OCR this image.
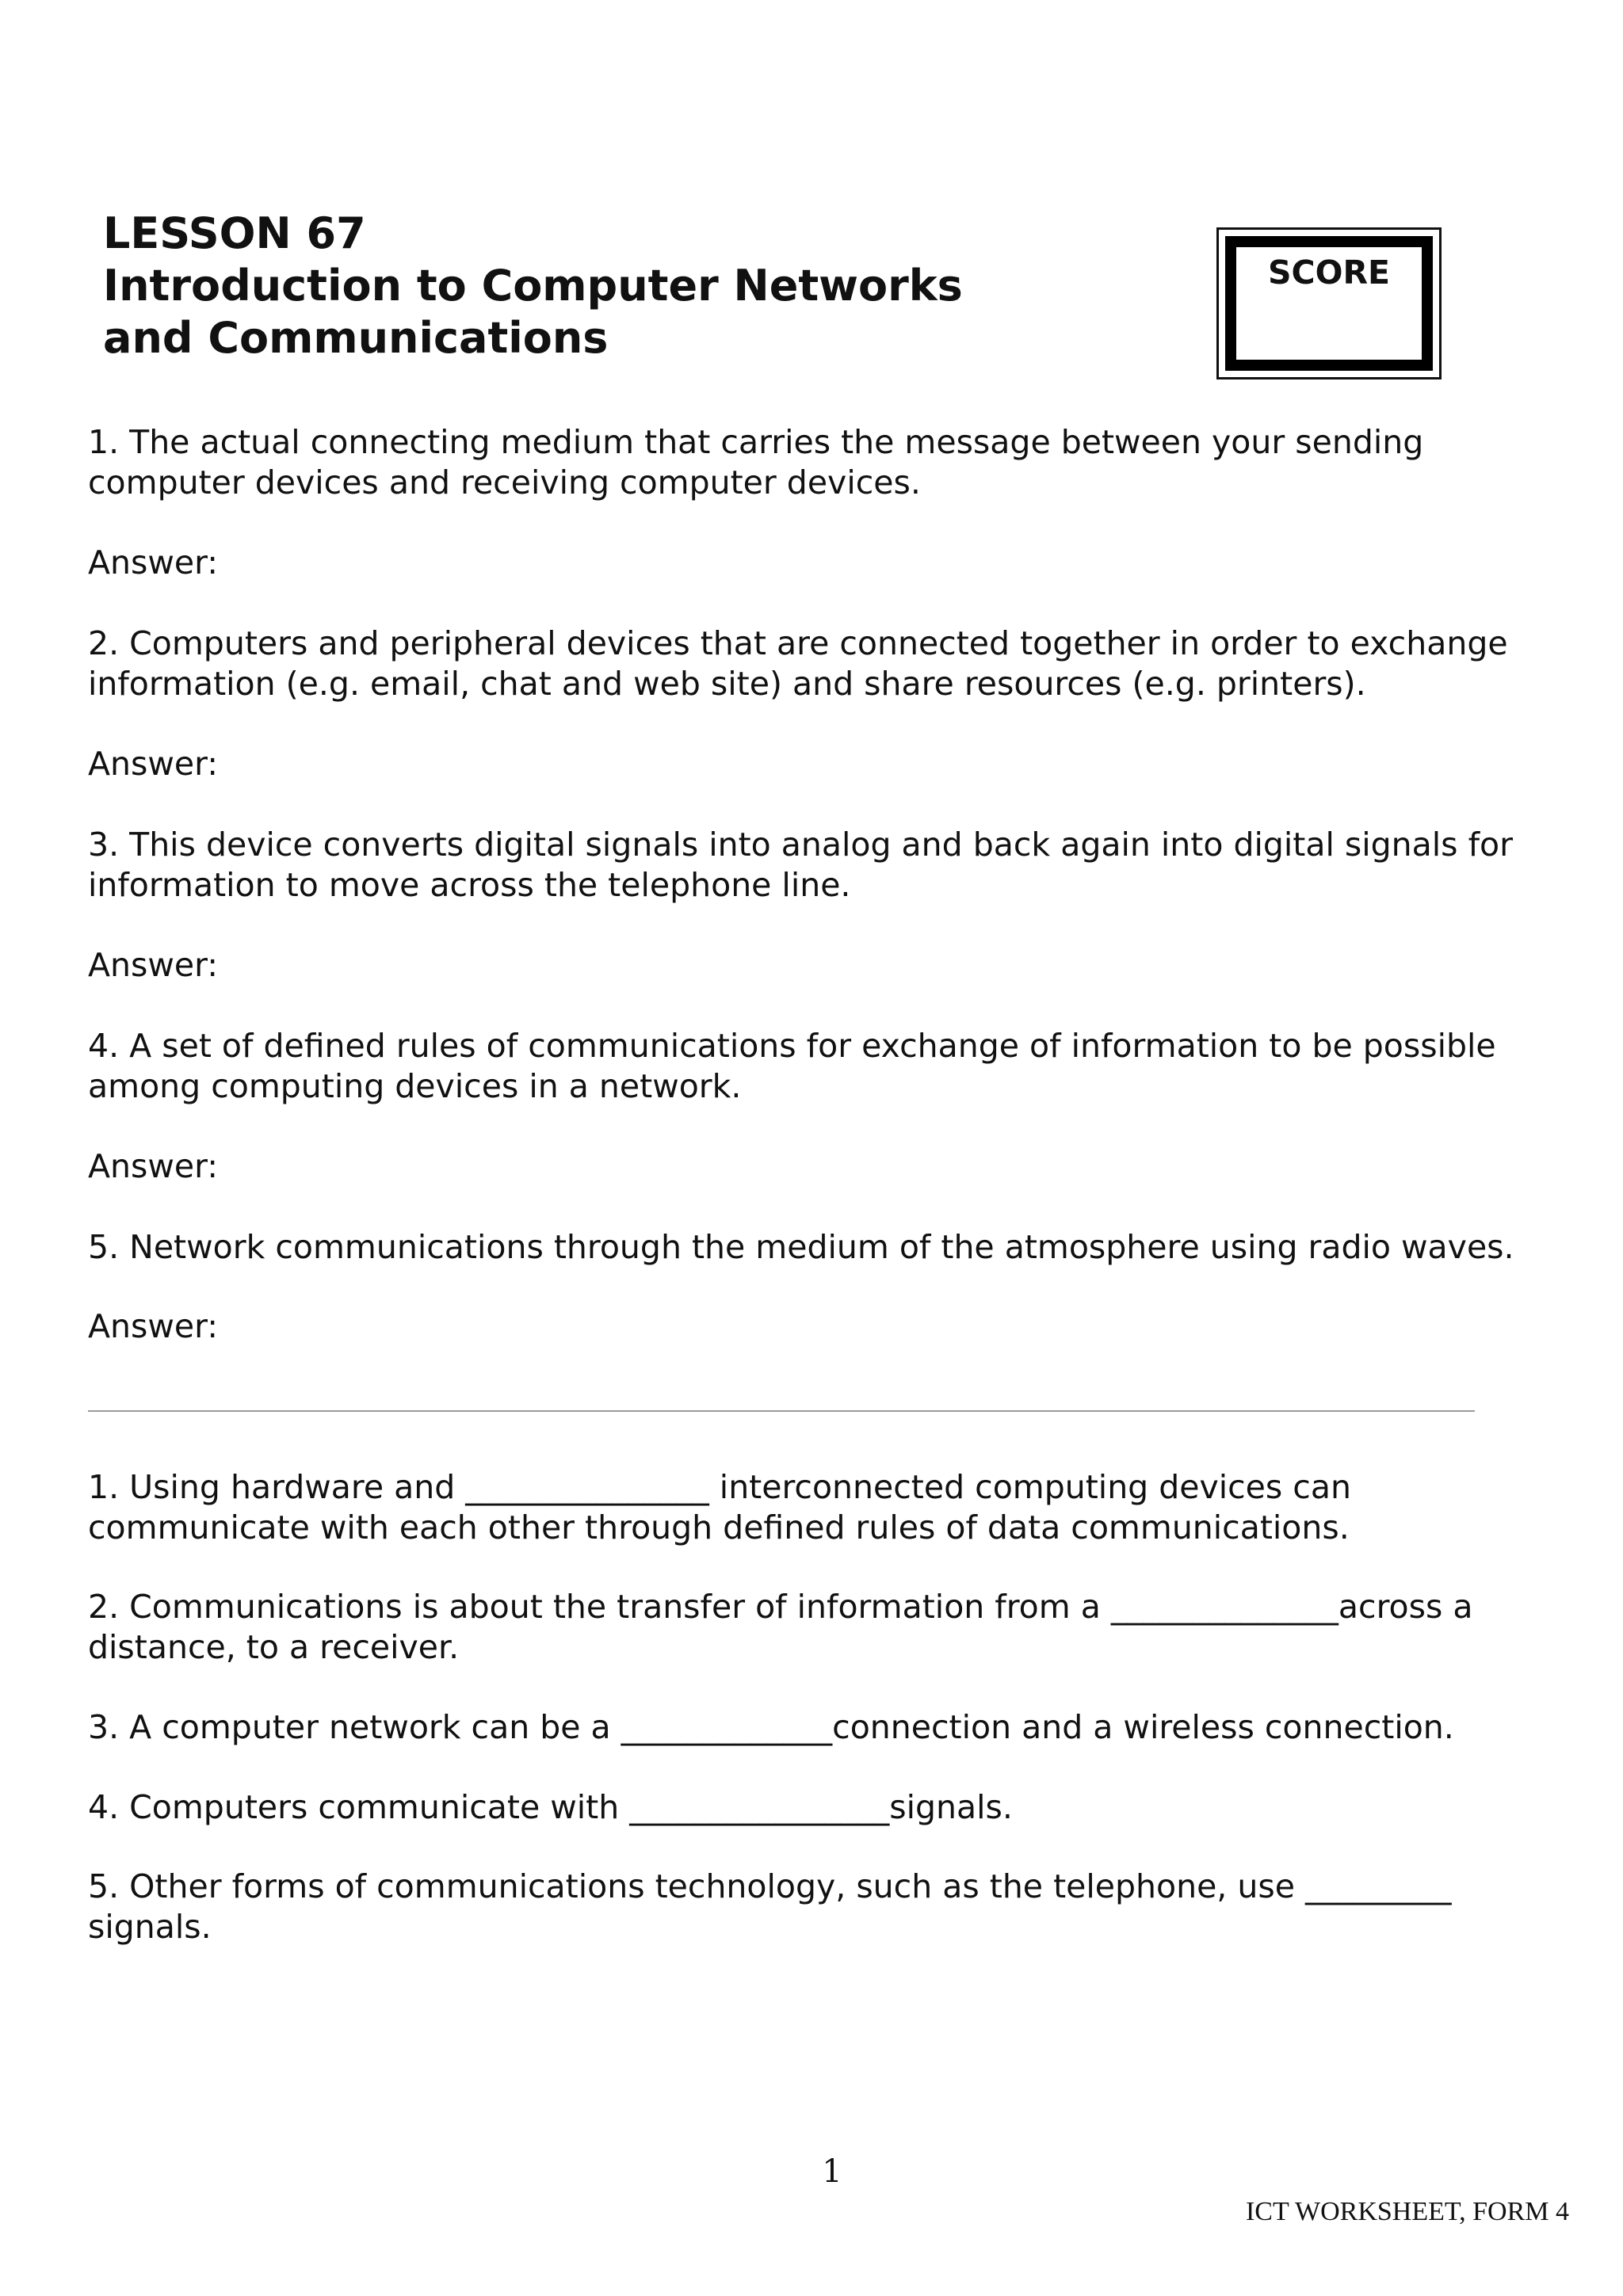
LESSON 67
Introduction to Computer Networks
and Communications
SCORE

1. The actual connecting medium that carries the message between your sending computer devices and receiving computer devices.

Answer:

2. Computers and peripheral devices that are connected together in order to exchange information (e.g. email, chat and web site) and share resources (e.g. printers).

Answer:

3. This device converts digital signals into analog and back again into digital signals for information to move across the telephone line.

Answer:

4. A set of defined rules of communications for exchange of information to be possible among computing devices in a network.

Answer:

5. Network communications through the medium of the atmosphere using radio waves.

Answer:

1. Using hardware and _______________ interconnected computing devices can communicate with each other through defined rules of data communications.

2. Communications is about the transfer of information from a ______________across a distance, to a receiver.

3. A computer network can be a _____________connection and a wireless connection.

4. Computers communicate with ________________signals.

5. Other forms of communications technology, such as the telephone, use _________ signals.

1
ICT WORKSHEET, FORM 4
